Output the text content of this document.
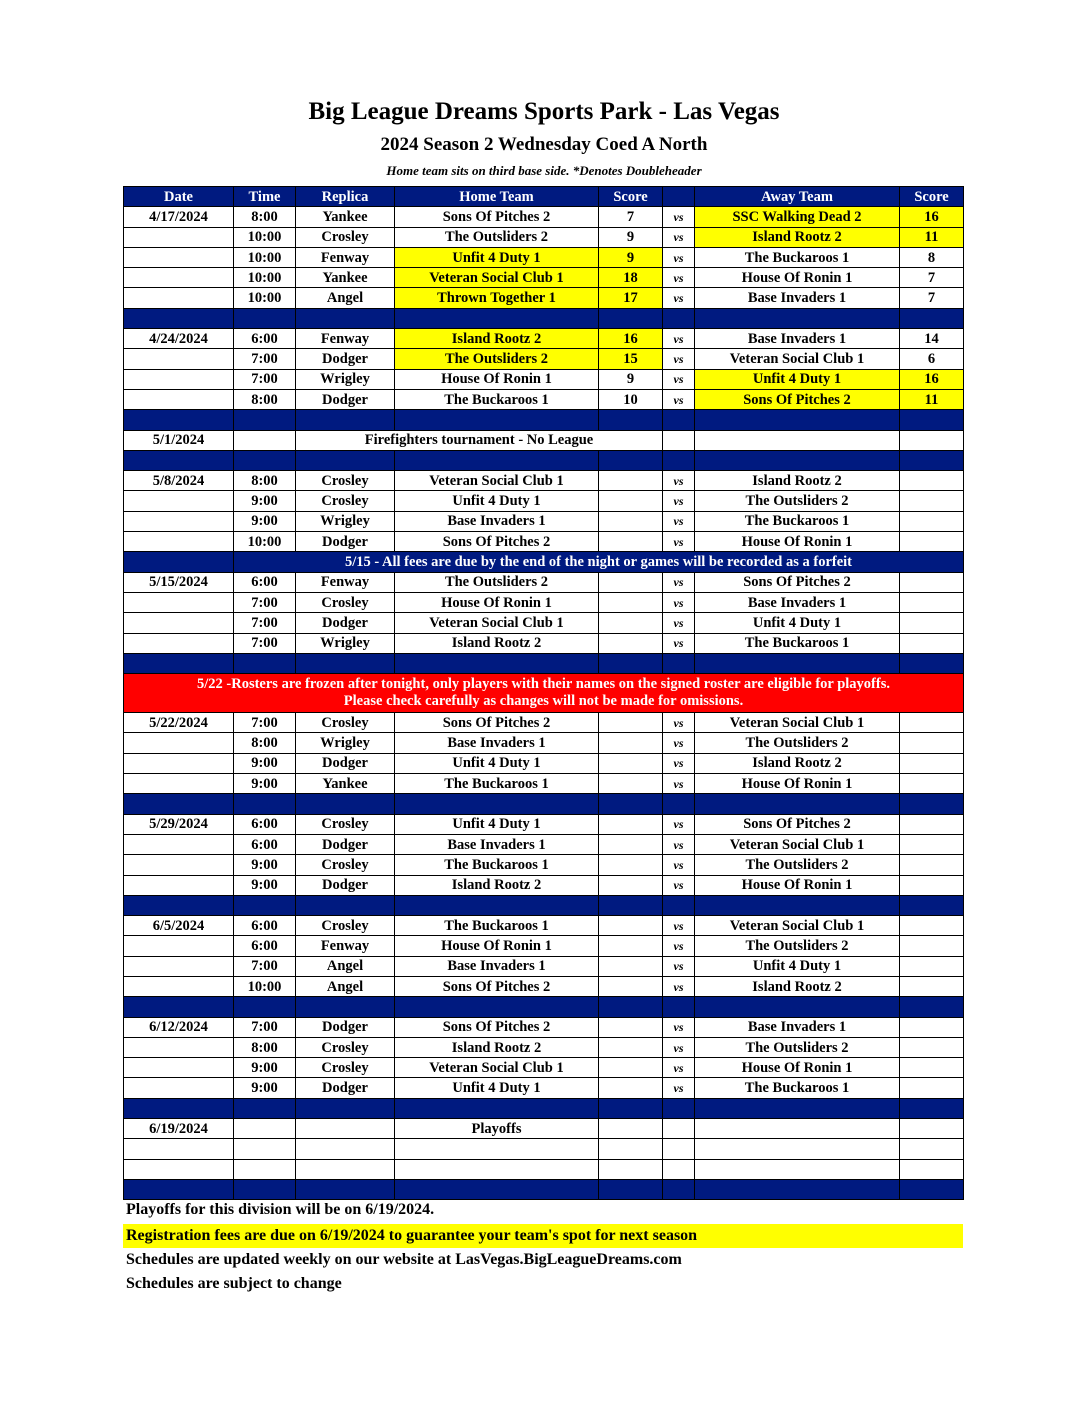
Big League Dreams Sports Park - Las Vegas
2024 Season 2 Wednesday Coed A North
Home team sits on third base side. *Denotes Doubleheader
Date	Time	Replica	Home Team	Score		Away Team	Score
4/17/2024	8:00	Yankee	Sons Of Pitches 2	7	vs	SSC Walking Dead 2	16
	10:00	Crosley	The Outsliders 2	9	vs	Island Rootz 2	11
	10:00	Fenway	Unfit 4 Duty 1	9	vs	The Buckaroos 1	8
	10:00	Yankee	Veteran Social Club 1	18	vs	House Of Ronin 1	7
	10:00	Angel	Thrown Together 1	17	vs	Base Invaders 1	7

4/24/2024	6:00	Fenway	Island Rootz 2	16	vs	Base Invaders 1	14
	7:00	Dodger	The Outsliders 2	15	vs	Veteran Social Club 1	6
	7:00	Wrigley	House Of Ronin 1	9	vs	Unfit 4 Duty 1	16
	8:00	Dodger	The Buckaroos 1	10	vs	Sons Of Pitches 2	11

5/1/2024		Firefighters tournament - No League					

5/8/2024	8:00	Crosley	Veteran Social Club 1		vs	Island Rootz 2	
	9:00	Crosley	Unfit 4 Duty 1		vs	The Outsliders 2	
	9:00	Wrigley	Base Invaders 1		vs	The Buckaroos 1	
	10:00	Dodger	Sons Of Pitches 2		vs	House Of Ronin 1	
	5/15 - All fees are due by the end of the night or games will be recorded as a forfeit						
5/15/2024	6:00	Fenway	The Outsliders 2		vs	Sons Of Pitches 2	
	7:00	Crosley	House Of Ronin 1		vs	Base Invaders 1	
	7:00	Dodger	Veteran Social Club 1		vs	Unfit 4 Duty 1	
	7:00	Wrigley	Island Rootz 2		vs	The Buckaroos 1	

5/22 -Rosters are frozen after tonight, only players with their names on the signed roster are eligible for playoffs.
Please check carefully as changes will not be made for omissions.							

5/22/2024	7:00	Crosley	Sons Of Pitches 2		vs	Veteran Social Club 1	
	8:00	Wrigley	Base Invaders 1		vs	The Outsliders 2	
	9:00	Dodger	Unfit 4 Duty 1		vs	Island Rootz 2	
	9:00	Yankee	The Buckaroos 1		vs	House Of Ronin 1	

5/29/2024	6:00	Crosley	Unfit 4 Duty 1		vs	Sons Of Pitches 2	
	6:00	Dodger	Base Invaders 1		vs	Veteran Social Club 1	
	9:00	Crosley	The Buckaroos 1		vs	The Outsliders 2	
	9:00	Dodger	Island Rootz 2		vs	House Of Ronin 1	

6/5/2024	6:00	Crosley	The Buckaroos 1		vs	Veteran Social Club 1	
	6:00	Fenway	House Of Ronin 1		vs	The Outsliders 2	
	7:00	Angel	Base Invaders 1		vs	Unfit 4 Duty 1	
	10:00	Angel	Sons Of Pitches 2		vs	Island Rootz 2	

6/12/2024	7:00	Dodger	Sons Of Pitches 2		vs	Base Invaders 1	
	8:00	Crosley	Island Rootz 2		vs	The Outsliders 2	
	9:00	Crosley	Veteran Social Club 1		vs	House Of Ronin 1	
	9:00	Dodger	Unfit 4 Duty 1		vs	The Buckaroos 1	

6/19/2024			Playoffs				

Playoffs for this division will be on 6/19/2024.
Registration fees are due on 6/19/2024 to guarantee your team's spot for next season
Schedules are updated weekly on our website at LasVegas.BigLeagueDreams.com
Schedules are subject to change
